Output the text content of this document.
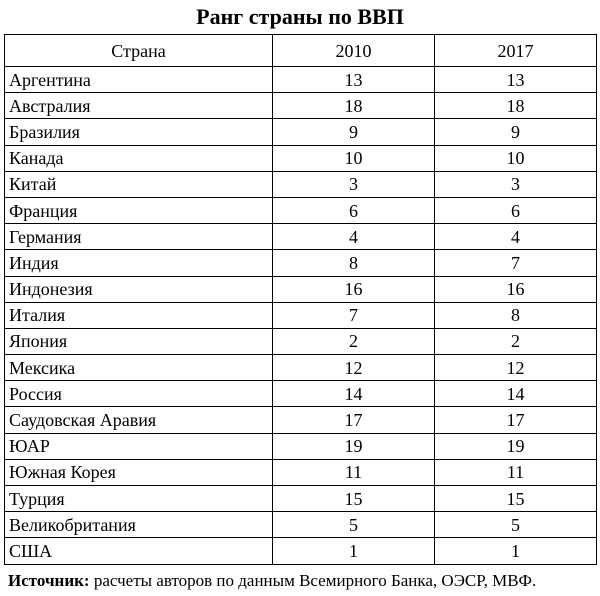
Ранг страны по ВВП
Страна	2010	2017
Аргентина	13	13
Австралия	18	18
Бразилия	9	9
Канада	10	10
Китай	3	3
Франция	6	6
Германия	4	4
Индия	8	7
Индонезия	16	16
Италия	7	8
Япония	2	2
Мексика	12	12
Россия	14	14
Саудовская Аравия	17	17
ЮАР	19	19
Южная Корея	11	11
Турция	15	15
Великобритания	5	5
США	1	1
Источник: расчеты авторов по данным Всемирного Банка, ОЭСР, МВФ.
